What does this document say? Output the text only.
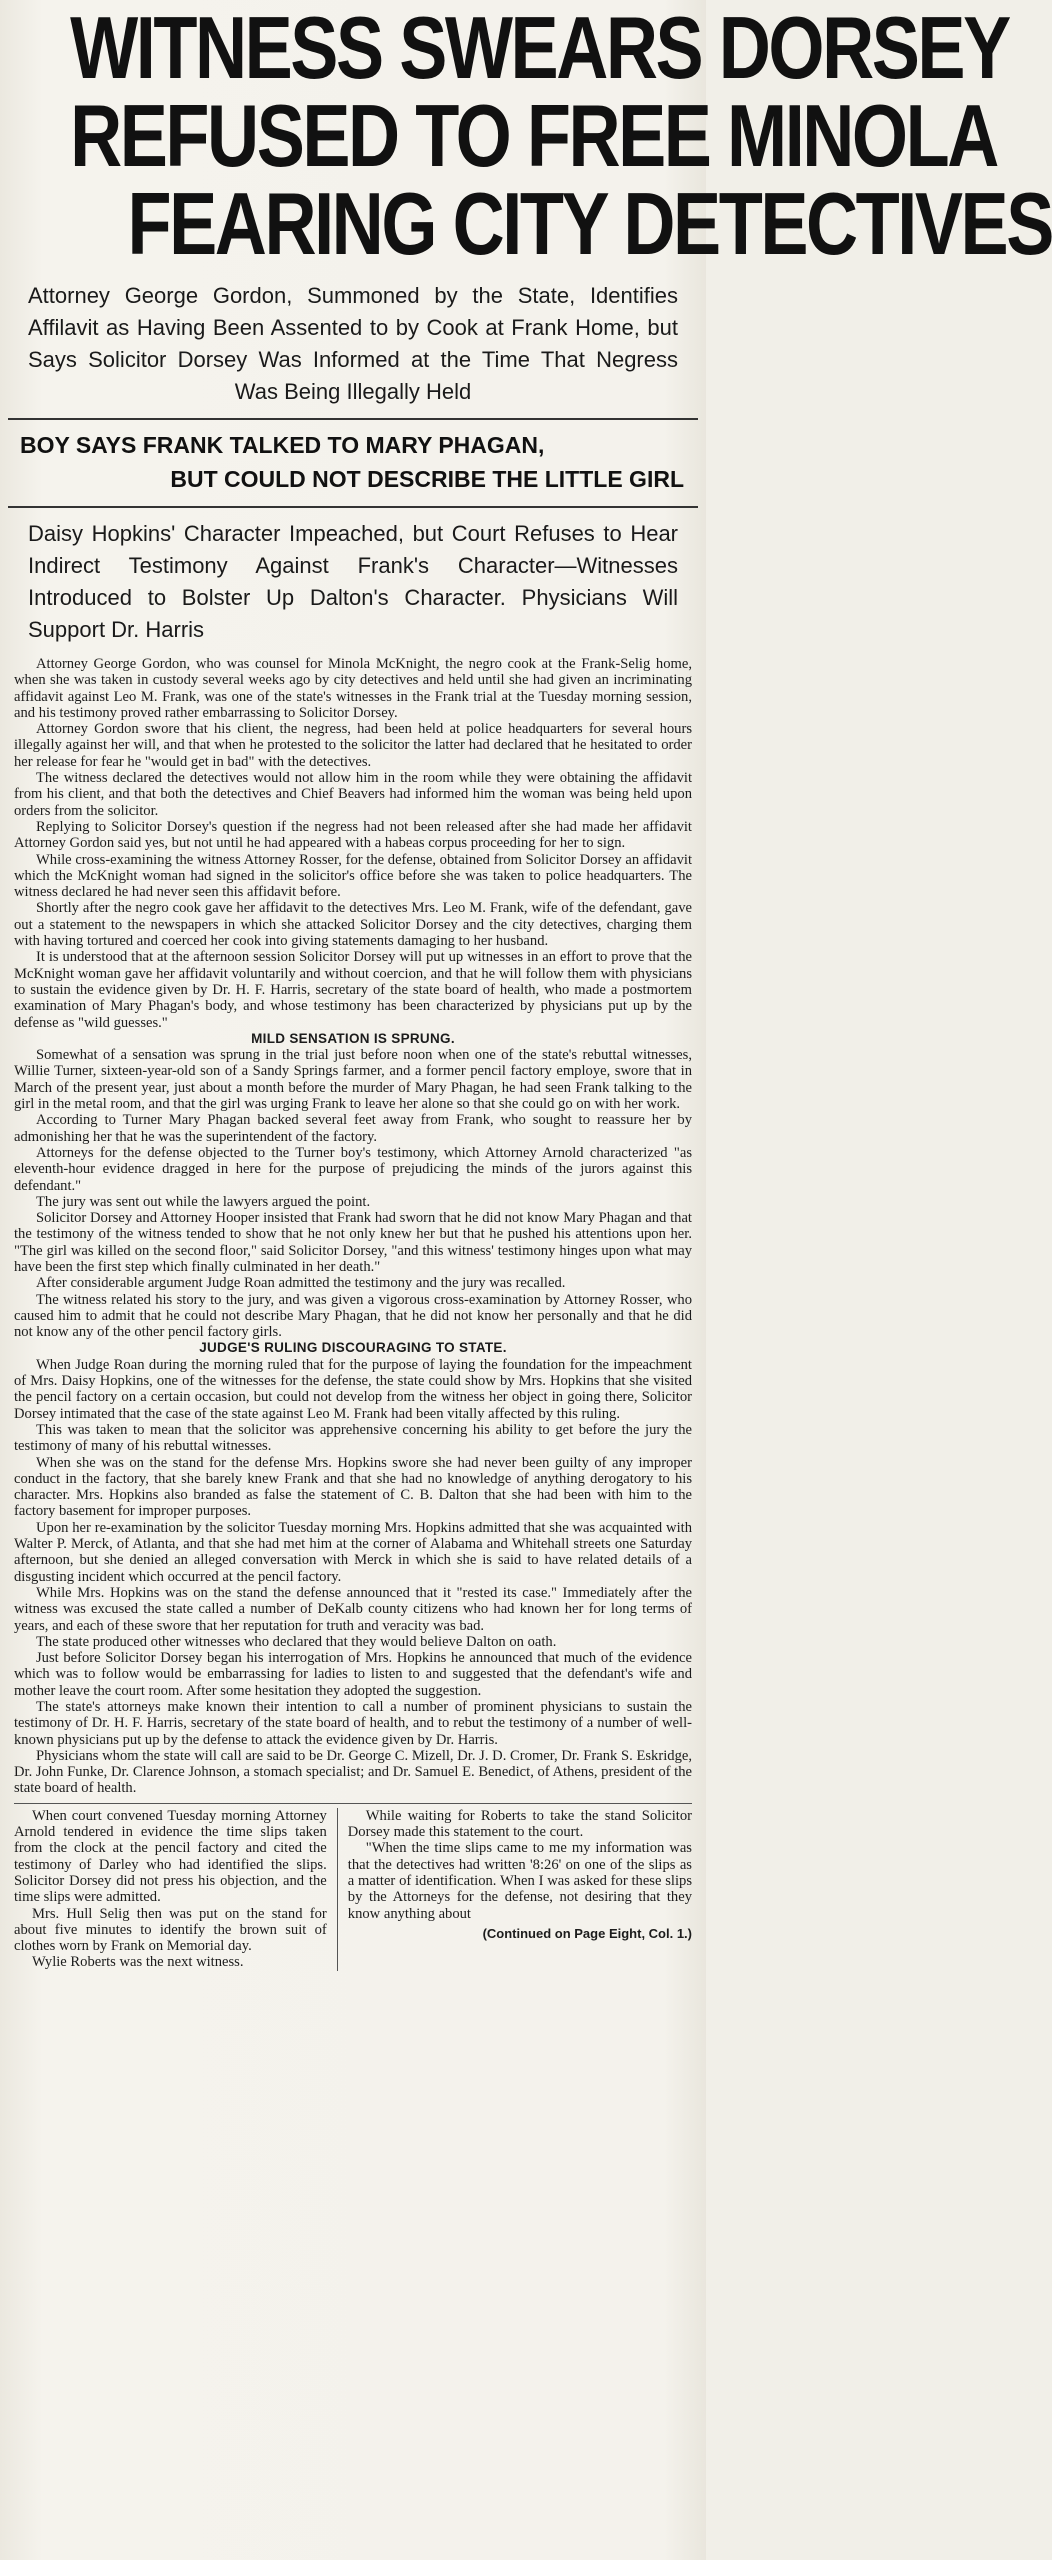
WITNESS SWEARS DORSEY
REFUSED TO FREE MINOLA
FEARING CITY DETECTIVES
Attorney George Gordon, Summoned by the State, Identifies Affilavit as Having Been Assented to by Cook at Frank Home, but Says Solicitor Dorsey Was Informed at the Time That Negress Was Being Illegally Held
BOY SAYS FRANK TALKED TO MARY PHAGAN,
BUT COULD NOT DESCRIBE THE LITTLE GIRL
Daisy Hopkins' Character Impeached, but Court Refuses to Hear Indirect Testimony Against Frank's Character—Witnesses Introduced to Bolster Up Dalton's Character. Physicians Will Support Dr. Harris

Attorney George Gordon, who was counsel for Minola McKnight, the negro cook at the Frank-Selig home, when she was taken in custody several weeks ago by city detectives and held until she had given an incriminating affidavit against Leo M. Frank, was one of the state's witnesses in the Frank trial at the Tuesday morning session, and his testimony proved rather embarrassing to Solicitor Dorsey.

Attorney Gordon swore that his client, the negress, had been held at police headquarters for several hours illegally against her will, and that when he protested to the solicitor the latter had declared that he hesitated to order her release for fear he "would get in bad" with the detectives.

The witness declared the detectives would not allow him in the room while they were obtaining the affidavit from his client, and that both the detectives and Chief Beavers had informed him the woman was being held upon orders from the solicitor.

Replying to Solicitor Dorsey's question if the negress had not been released after she had made her affidavit Attorney Gordon said yes, but not until he had appeared with a habeas corpus proceeding for her to sign.

While cross-examining the witness Attorney Rosser, for the defense, obtained from Solicitor Dorsey an affidavit which the McKnight woman had signed in the solicitor's office before she was taken to police headquarters. The witness declared he had never seen this affidavit before.

Shortly after the negro cook gave her affidavit to the detectives Mrs. Leo M. Frank, wife of the defendant, gave out a statement to the newspapers in which she attacked Solicitor Dorsey and the city detectives, charging them with having tortured and coerced her cook into giving statements damaging to her husband.

It is understood that at the afternoon session Solicitor Dorsey will put up witnesses in an effort to prove that the McKnight woman gave her affidavit voluntarily and without coercion, and that he will follow them with physicians to sustain the evidence given by Dr. H. F. Harris, secretary of the state board of health, who made a postmortem examination of Mary Phagan's body, and whose testimony has been characterized by physicians put up by the defense as "wild guesses."

MILD SENSATION IS SPRUNG.

Somewhat of a sensation was sprung in the trial just before noon when one of the state's rebuttal witnesses, Willie Turner, sixteen-year-old son of a Sandy Springs farmer, and a former pencil factory employe, swore that in March of the present year, just about a month before the murder of Mary Phagan, he had seen Frank talking to the girl in the metal room, and that the girl was urging Frank to leave her alone so that she could go on with her work.

According to Turner Mary Phagan backed several feet away from Frank, who sought to reassure her by admonishing her that he was the superintendent of the factory.

Attorneys for the defense objected to the Turner boy's testimony, which Attorney Arnold characterized "as eleventh-hour evidence dragged in here for the purpose of prejudicing the minds of the jurors against this defendant."

The jury was sent out while the lawyers argued the point.

Solicitor Dorsey and Attorney Hooper insisted that Frank had sworn that he did not know Mary Phagan and that the testimony of the witness tended to show that he not only knew her but that he pushed his attentions upon her. "The girl was killed on the second floor," said Solicitor Dorsey, "and this witness' testimony hinges upon what may have been the first step which finally culminated in her death."

After considerable argument Judge Roan admitted the testimony and the jury was recalled.

The witness related his story to the jury, and was given a vigorous cross-examination by Attorney Rosser, who caused him to admit that he could not describe Mary Phagan, that he did not know her personally and that he did not know any of the other pencil factory girls.

JUDGE'S RULING DISCOURAGING TO STATE.

When Judge Roan during the morning ruled that for the purpose of laying the foundation for the impeachment of Mrs. Daisy Hopkins, one of the witnesses for the defense, the state could show by Mrs. Hopkins that she visited the pencil factory on a certain occasion, but could not develop from the witness her object in going there, Solicitor Dorsey intimated that the case of the state against Leo M. Frank had been vitally affected by this ruling.

This was taken to mean that the solicitor was apprehensive concerning his ability to get before the jury the testimony of many of his rebuttal witnesses.

When she was on the stand for the defense Mrs. Hopkins swore she had never been guilty of any improper conduct in the factory, that she barely knew Frank and that she had no knowledge of anything derogatory to his character. Mrs. Hopkins also branded as false the statement of C. B. Dalton that she had been with him to the factory basement for improper purposes.

Upon her re-examination by the solicitor Tuesday morning Mrs. Hopkins admitted that she was acquainted with Walter P. Merck, of Atlanta, and that she had met him at the corner of Alabama and Whitehall streets one Saturday afternoon, but she denied an alleged conversation with Merck in which she is said to have related details of a disgusting incident which occurred at the pencil factory.

While Mrs. Hopkins was on the stand the defense announced that it "rested its case." Immediately after the witness was excused the state called a number of DeKalb county citizens who had known her for long terms of years, and each of these swore that her reputation for truth and veracity was bad.

The state produced other witnesses who declared that they would believe Dalton on oath.

Just before Solicitor Dorsey began his interrogation of Mrs. Hopkins he announced that much of the evidence which was to follow would be embarrassing for ladies to listen to and suggested that the defendant's wife and mother leave the court room. After some hesitation they adopted the suggestion.

The state's attorneys make known their intention to call a number of prominent physicians to sustain the testimony of Dr. H. F. Harris, secretary of the state board of health, and to rebut the testimony of a number of well-known physicians put up by the defense to attack the evidence given by Dr. Harris.

Physicians whom the state will call are said to be Dr. George C. Mizell, Dr. J. D. Cromer, Dr. Frank S. Eskridge, Dr. John Funke, Dr. Clarence Johnson, a stomach specialist; and Dr. Samuel E. Benedict, of Athens, president of the state board of health.

When court convened Tuesday morning Attorney Arnold tendered in evidence the time slips taken from the clock at the pencil factory and cited the testimony of Darley who had identified the slips. Solicitor Dorsey did not press his objection, and the time slips were admitted.

Mrs. Hull Selig then was put on the stand for about five minutes to identify the brown suit of clothes worn by Frank on Memorial day.

Wylie Roberts was the next witness.

While waiting for Roberts to take the stand Solicitor Dorsey made this statement to the court.

"When the time slips came to me my information was that the detectives had written '8:26' on one of the slips as a matter of identification. When I was asked for these slips by the Attorneys for the defense, not desiring that they know anything about

(Continued on Page Eight, Col. 1.)
